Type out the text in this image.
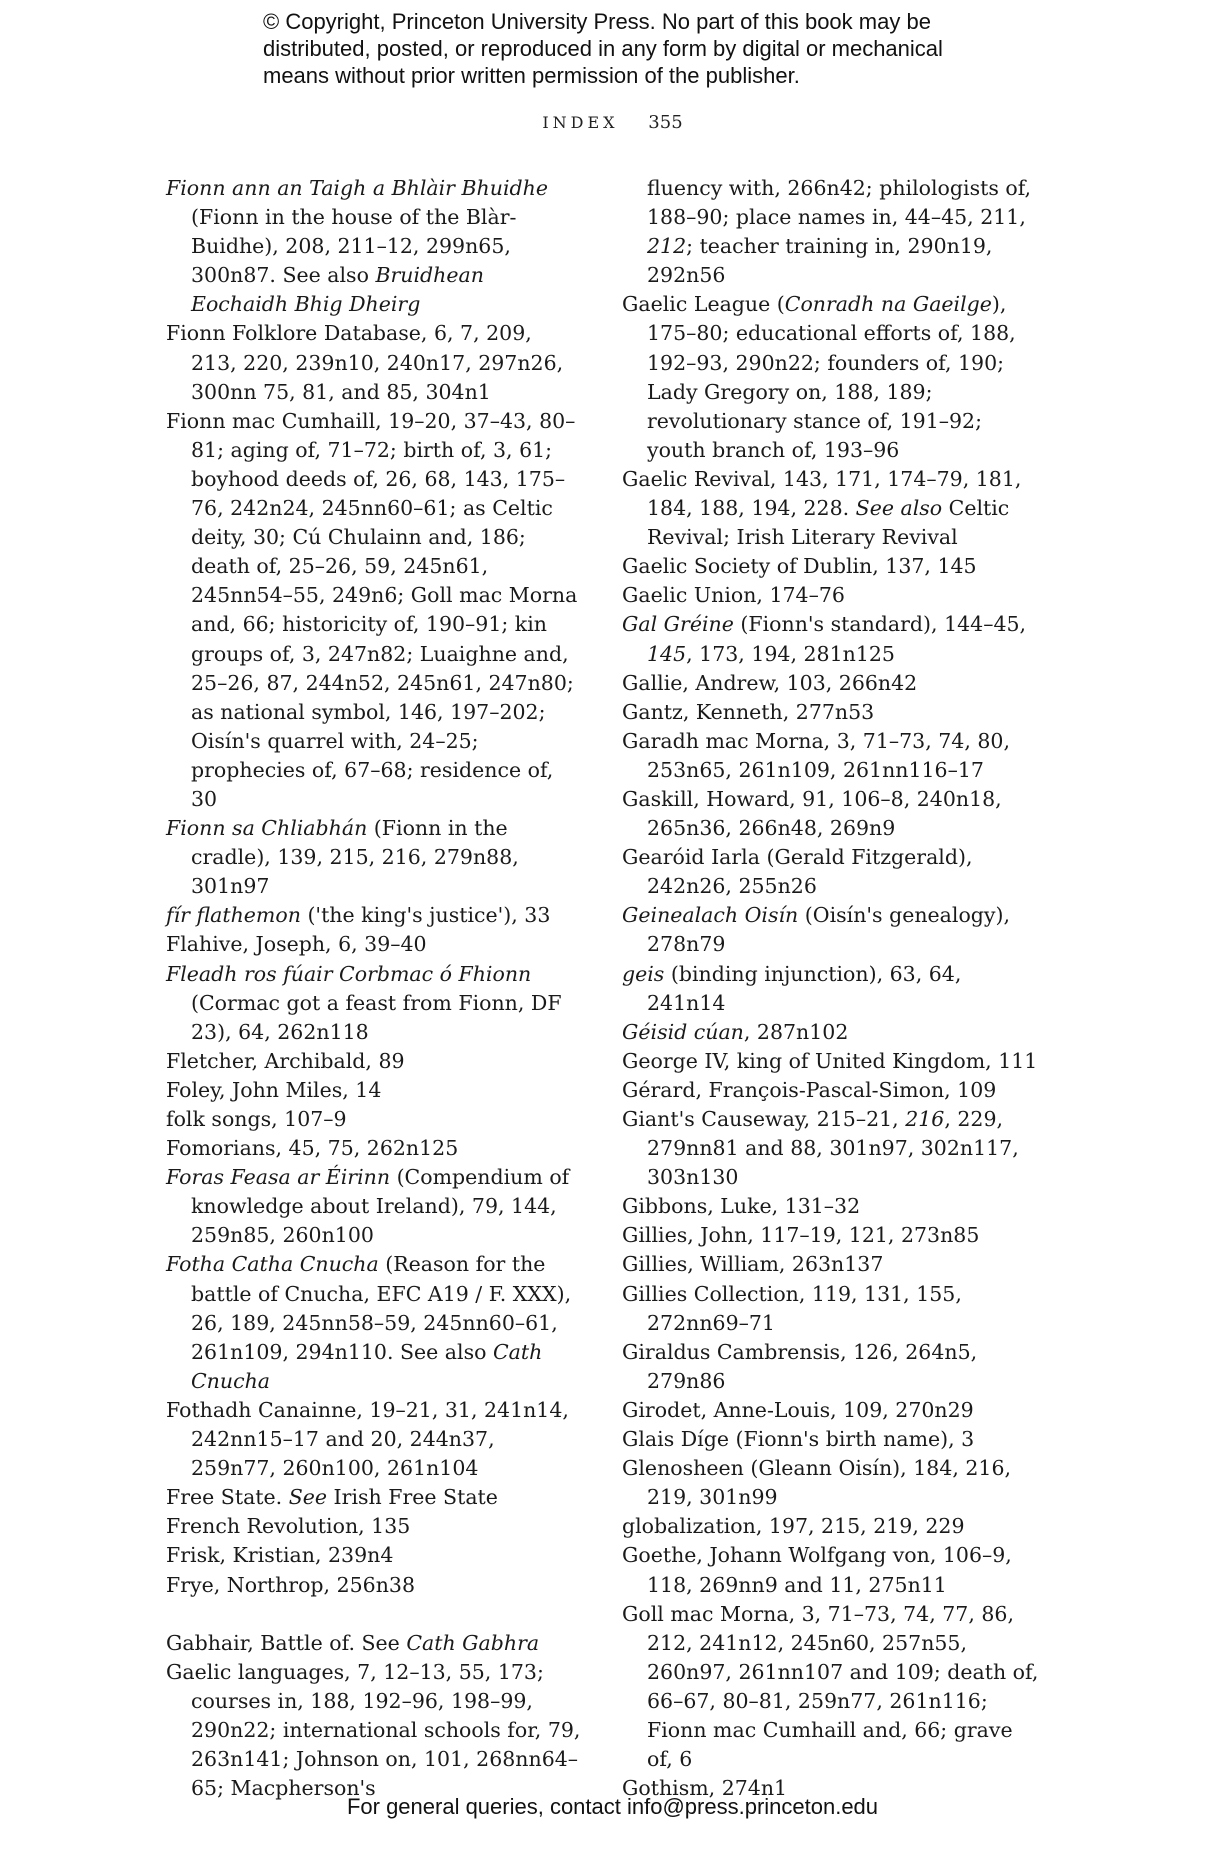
© Copyright, Princeton University Press. No part of this book may be
distributed, posted, or reproduced in any form by digital or mechanical
means without prior written permission of the publisher.
INDEX 355

Fionn ann an Taigh a Bhlàir Bhuidhe (Fionn in the house of the Blàr-Buidhe), 208, 211–12, 299n65, 300n87. See also Bruidhean Eochaidh Bhig Dheirg

Fionn Folklore Database, 6, 7, 209, 213, 220, 239n10, 240n17, 297n26, 300nn 75, 81, and 85, 304n1

Fionn mac Cumhaill, 19–20, 37–43, 80–81; aging of, 71–72; birth of, 3, 61; boyhood deeds of, 26, 68, 143, 175–76, 242n24, 245nn60–61; as Celtic deity, 30; Cú Chulainn and, 186; death of, 25–26, 59, 245n61, 245nn54–55, 249n6; Goll mac Morna and, 66; historicity of, 190–91; kin groups of, 3, 247n82; Luaighne and, 25–26, 87, 244n52, 245n61, 247n80; as national symbol, 146, 197–202; Oisín's quarrel with, 24–25; prophecies of, 67–68; residence of, 30

Fionn sa Chliabhán (Fionn in the cradle), 139, 215, 216, 279n88, 301n97

fír flathemon ('the king's justice'), 33

Flahive, Joseph, 6, 39–40

Fleadh ros fúair Corbmac ó Fhionn (Cormac got a feast from Fionn, DF 23), 64, 262n118

Fletcher, Archibald, 89

Foley, John Miles, 14

folk songs, 107–9

Fomorians, 45, 75, 262n125

Foras Feasa ar Éirinn (Compendium of knowledge about Ireland), 79, 144, 259n85, 260n100

Fotha Catha Cnucha (Reason for the battle of Cnucha, EFC A19 / F. XXX), 26, 189, 245nn58–59, 245nn60–61, 261n109, 294n110. See also Cath Cnucha

Fothadh Canainne, 19–21, 31, 241n14, 242nn15–17 and 20, 244n37, 259n77, 260n100, 261n104

Free State. See Irish Free State

French Revolution, 135

Frisk, Kristian, 239n4

Frye, Northrop, 256n38

Gabhair, Battle of. See Cath Gabhra

Gaelic languages, 7, 12–13, 55, 173; courses in, 188, 192–96, 198–99, 290n22; international schools for, 79, 263n141; Johnson on, 101, 268nn64–65; Macpherson's

fluency with, 266n42; philologists of, 188–90; place names in, 44–45, 211, 212; teacher training in, 290n19, 292n56

Gaelic League (Conradh na Gaeilge), 175–80; educational efforts of, 188, 192–93, 290n22; founders of, 190; Lady Gregory on, 188, 189; revolutionary stance of, 191–92; youth branch of, 193–96

Gaelic Revival, 143, 171, 174–79, 181, 184, 188, 194, 228. See also Celtic Revival; Irish Literary Revival

Gaelic Society of Dublin, 137, 145

Gaelic Union, 174–76

Gal Gréine (Fionn's standard), 144–45, 145, 173, 194, 281n125

Gallie, Andrew, 103, 266n42

Gantz, Kenneth, 277n53

Garadh mac Morna, 3, 71–73, 74, 80, 253n65, 261n109, 261nn116–17

Gaskill, Howard, 91, 106–8, 240n18, 265n36, 266n48, 269n9

Gearóid Iarla (Gerald Fitzgerald), 242n26, 255n26

Geinealach Oisín (Oisín's genealogy), 278n79

geis (binding injunction), 63, 64, 241n14

Géisid cúan, 287n102

George IV, king of United Kingdom, 111

Gérard, François-Pascal-Simon, 109

Giant's Causeway, 215–21, 216, 229, 279nn81 and 88, 301n97, 302n117, 303n130

Gibbons, Luke, 131–32

Gillies, John, 117–19, 121, 273n85

Gillies, William, 263n137

Gillies Collection, 119, 131, 155, 272nn69–71

Giraldus Cambrensis, 126, 264n5, 279n86

Girodet, Anne-Louis, 109, 270n29

Glais Díge (Fionn's birth name), 3

Glenosheen (Gleann Oisín), 184, 216, 219, 301n99

globalization, 197, 215, 219, 229

Goethe, Johann Wolfgang von, 106–9, 118, 269nn9 and 11, 275n11

Goll mac Morna, 3, 71–73, 74, 77, 86, 212, 241n12, 245n60, 257n55, 260n97, 261nn107 and 109; death of, 66–67, 80–81, 259n77, 261n116; Fionn mac Cumhaill and, 66; grave of, 6

Gothism, 274n1

For general queries, contact info@press.princeton.edu
